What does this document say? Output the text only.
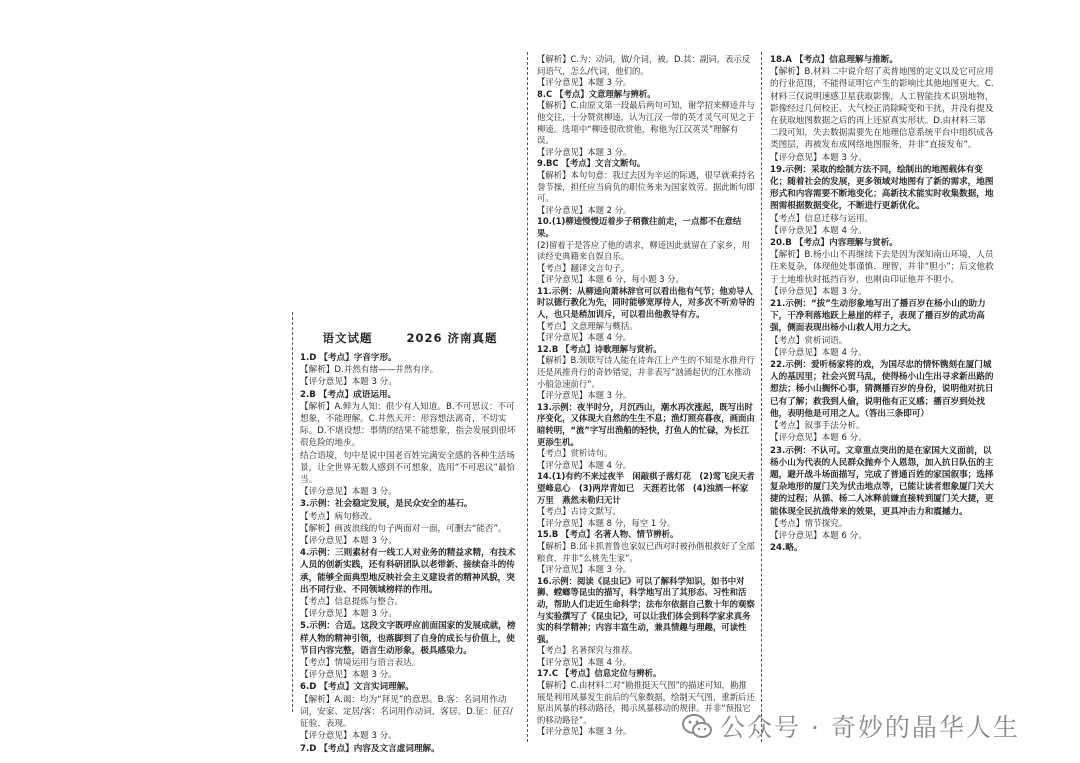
语文试题	2026 济南真题

1.D 【考点】字音字形。

【解析】D.并然有绪——井然有序。

【评分意见】本题 3 分。

2.B 【考点】成语运用。

【解析】A.鲜为人知：很少有人知道。B.不可思议：不可想象，不能理解。C.井然天开：形容想法离奇，不切实际。D.不堪设想：事情的结果不能想象，指会发展到很坏很危险的地步。

结合语境，句中是说中国老百姓完满安全感的各种生活场景，让全世界无数人感到不可想象，选用“不可思议”最恰当。

【评分意见】本题 3 分。

3.示例：社会稳定发展，是民众安全的基石。

【考点】病句修改。

【解析】画波浪线的句子两面对一面，可删去“能否”。

【评分意见】本题 3 分。

4.示例：三则素材有一线工人对业务的精益求精，有技术人员的创新实践，还有科研团队以老带新、接续奋斗的传承，能够全面典型地反映社会主义建设者的精神风貌，突出不同行业、不同领域榜样的作用。

【考点】信息提炼与整合。

【评分意见】本题 3 分。

5.示例：合适。这段文字既呼应前面国家的发展成就，榜样人物的精神引领，也落脚到了自身的成长与价值上，使节目内容完整，语言生动形象，极具感染力。

【考点】情境运用与语言表达。

【评分意见】本题 3 分。

6.D 【考点】文言实词理解。

【解析】A.谒：均为“拜见”的意思。B.客：名词用作动词，安家、定居/客：名词用作动词，客居。D.征：征召/征验、表现。

【评分意见】本题 3 分。

7.D 【考点】内容及文言虚词理解。

【解析】C.为：动词，做/介词，被。D.其：副词，表示反问语气，怎么/代词，他们的。

【评分意见】本题 3 分。

8.C 【考点】文意理解与辨析。

【解析】C.由原文第一段最后两句可知，谢学招来柳逵并与他交往，十分赞赏柳逵，认为江汉一带的英才灵气可见之于柳逵。选项中“柳逵很欣赏他，称他为江汉英灵”理解有误。

【评分意见】本题 3 分。

9.BC 【考点】文言文断句。

【解析】本句句意：我过去因为辛运的际遇，很早就乘持名誉节操，担任应当肩负的职位务来为国家效劳。据此断句即可。

【评分意见】本题 2 分。

10.(1)柳逵慢慢迈着步子稍微往前走，一点都不在意结果。

(2)留着于是答应了他的请求，柳逵因此就留在了家乡，用读经史典籍来自娱自乐。

【考点】翻译文言句子。

【评分意见】本题 6 分，每小题 3 分。

11.示例：从柳逵向萧林辞官可以看出他有气节；他劝导人时以德行教化为先，同时能够宽厚待人，对多次不听劝导的人，也只是稍加训斥，可以看出他教导有方。

【考点】文意理解与概括。

【评分意见】本题 4 分。

12.B 【考点】诗歌理解与赏析。

【解析】B.领联写诗人能在诗奔江上产生的不知是水推舟行还是风推舟行的奇妙错觉，并非表写“汹涌起伏的江水推动小船急速前行”。

【评分意见】本题 3 分。

13.示例：夜半时分，月沉西山，潮水再次涨起，既写出时序变化，又体现大自然的生生不息；渔灯照亮暮夜，画面由暗转明，“流”字写出渔船的轻快，打鱼人的忙碌，为长江更添生机。

【考点】赏析诗句。

【评分意见】本题 4 分。

14.(1)有约不来过夜半　闲敲棋子落灯花　(2)莺飞戾天者　望峰息心　(3)两岸青如已　天涯若比邻　(4)浊酒一杯家万里　燕然未勒归无计

【考点】古诗文默写。

【评分意见】本题 8 分，每空 1 分。

15.B 【考点】名著人物、情节辨析。

【解析】B.邱卡抓普鲁也家奴已西对时被孙偕根救好了全部粮食，并非“么桃先生家”。

【评分意见】本题 3 分。

16.示例：阅读《昆虫记》可以了解科学知识，如书中对狮、螳螂等昆虫的描写，科学地写出了其形态、习性和活动，帮助人们走近生命科学；法布尔依据自己数十年的观察与实验撰写了《昆虫记》，可以让我们体会到科学家求真务实的科学精神；内容丰富生动，兼具情趣与理趣，可读性强。

【考点】名著探究与推荐。

【评分意见】本题 4 分。

17.C 【考点】信息定位与辨析。

【解析】C.由材料二对“勘推挺天气图”的描述可知，勘推展是利用风暴发生前后的气象数据，绘制天气图，重新后还原出风暴的移动路径，揭示风暴移动的规律。并非“预报它的移动路径”。

【评分意见】本题 3 分。

18.A 【考点】信息理解与推断。

【解析】B.材料二中说介绍了卖普地图的定义以及它可应用的行业范围，不能得证明它产生的影响比其他地图更大。C.材料三仅说明速感卫星获取影像，人工智能技术识别地物，影像经过几何校正、大气校正消除畸变和干扰，并没有提及在获取地图数据之后的再上还原真实形状。D.由材料三第二段可知，失去数据需要先在地理信息系统平台中组织成各类图层，再被发布成网络地图服务，并非“直接发布”。

【评分意见】本题 3 分。

19.示例：采取的绘制方法不同，绘制出的地图载体有变化；随着社会的发展，更多领域对地图有了新的需求，地图形式和内容需要不断地变化；高新技术能实时收集数据，地图需根据数据变化，不断进行更新优化。

【考点】信息迁移与运用。

【评分意见】本题 4 分。

20.B 【考点】内容理解与赏析。

【解析】B.杨小山不再继续下去是因为深知南山环境，人员往来复杂，体现他处事谨慎、理智，并非“胆小”；后文他救于土地堆伙时抵挡百岁，也刚由印证他并不胆小。

【评分意见】本题 3 分。

21.示例：“拔”生动形象地写出了播百岁在杨小山的助力下，干净利落地跃上悬崖的样子，表现了播百岁的武功高强，侧面表现出杨小山救人用力之大。

【考点】赏析词语。

【评分意见】本题 4 分。

22.示例：爱听杨家将的戏，为国尽忠的情怀镌刻在厦门城人的基因里；社会兴贸马乱，使得杨小山生出寻求新出路的想法；杨小山搁怀心事，猜测播百岁的身份，说明他对抗日已有了解；救我到人偷，说明他有正义感；播百岁到处找他，表明他是可用之人。（答出三条即可）

【考点】叙事手法分析。

【评分意见】本题 6 分。

23.示例：不认可。文章重点突出的是在家国大义面前，以杨小山为代表的人民群众抛弃个人恩怨，加入抗日队伍的主题，避开战斗场面描写，完成了普通百姓的家国叙事；选择复杂地形的厦门关为伏击地点等，已能让读者想象厦门关大捷的过程；从循、杨二人冰释前嫌直接转到厦门关大捷，更能体现全民抗战带来的效果，更具冲击力和震撼力。

【考点】情节探究。

【评分意见】本题 6 分。

24.略。

公众号 · 奇妙的晶华人生
